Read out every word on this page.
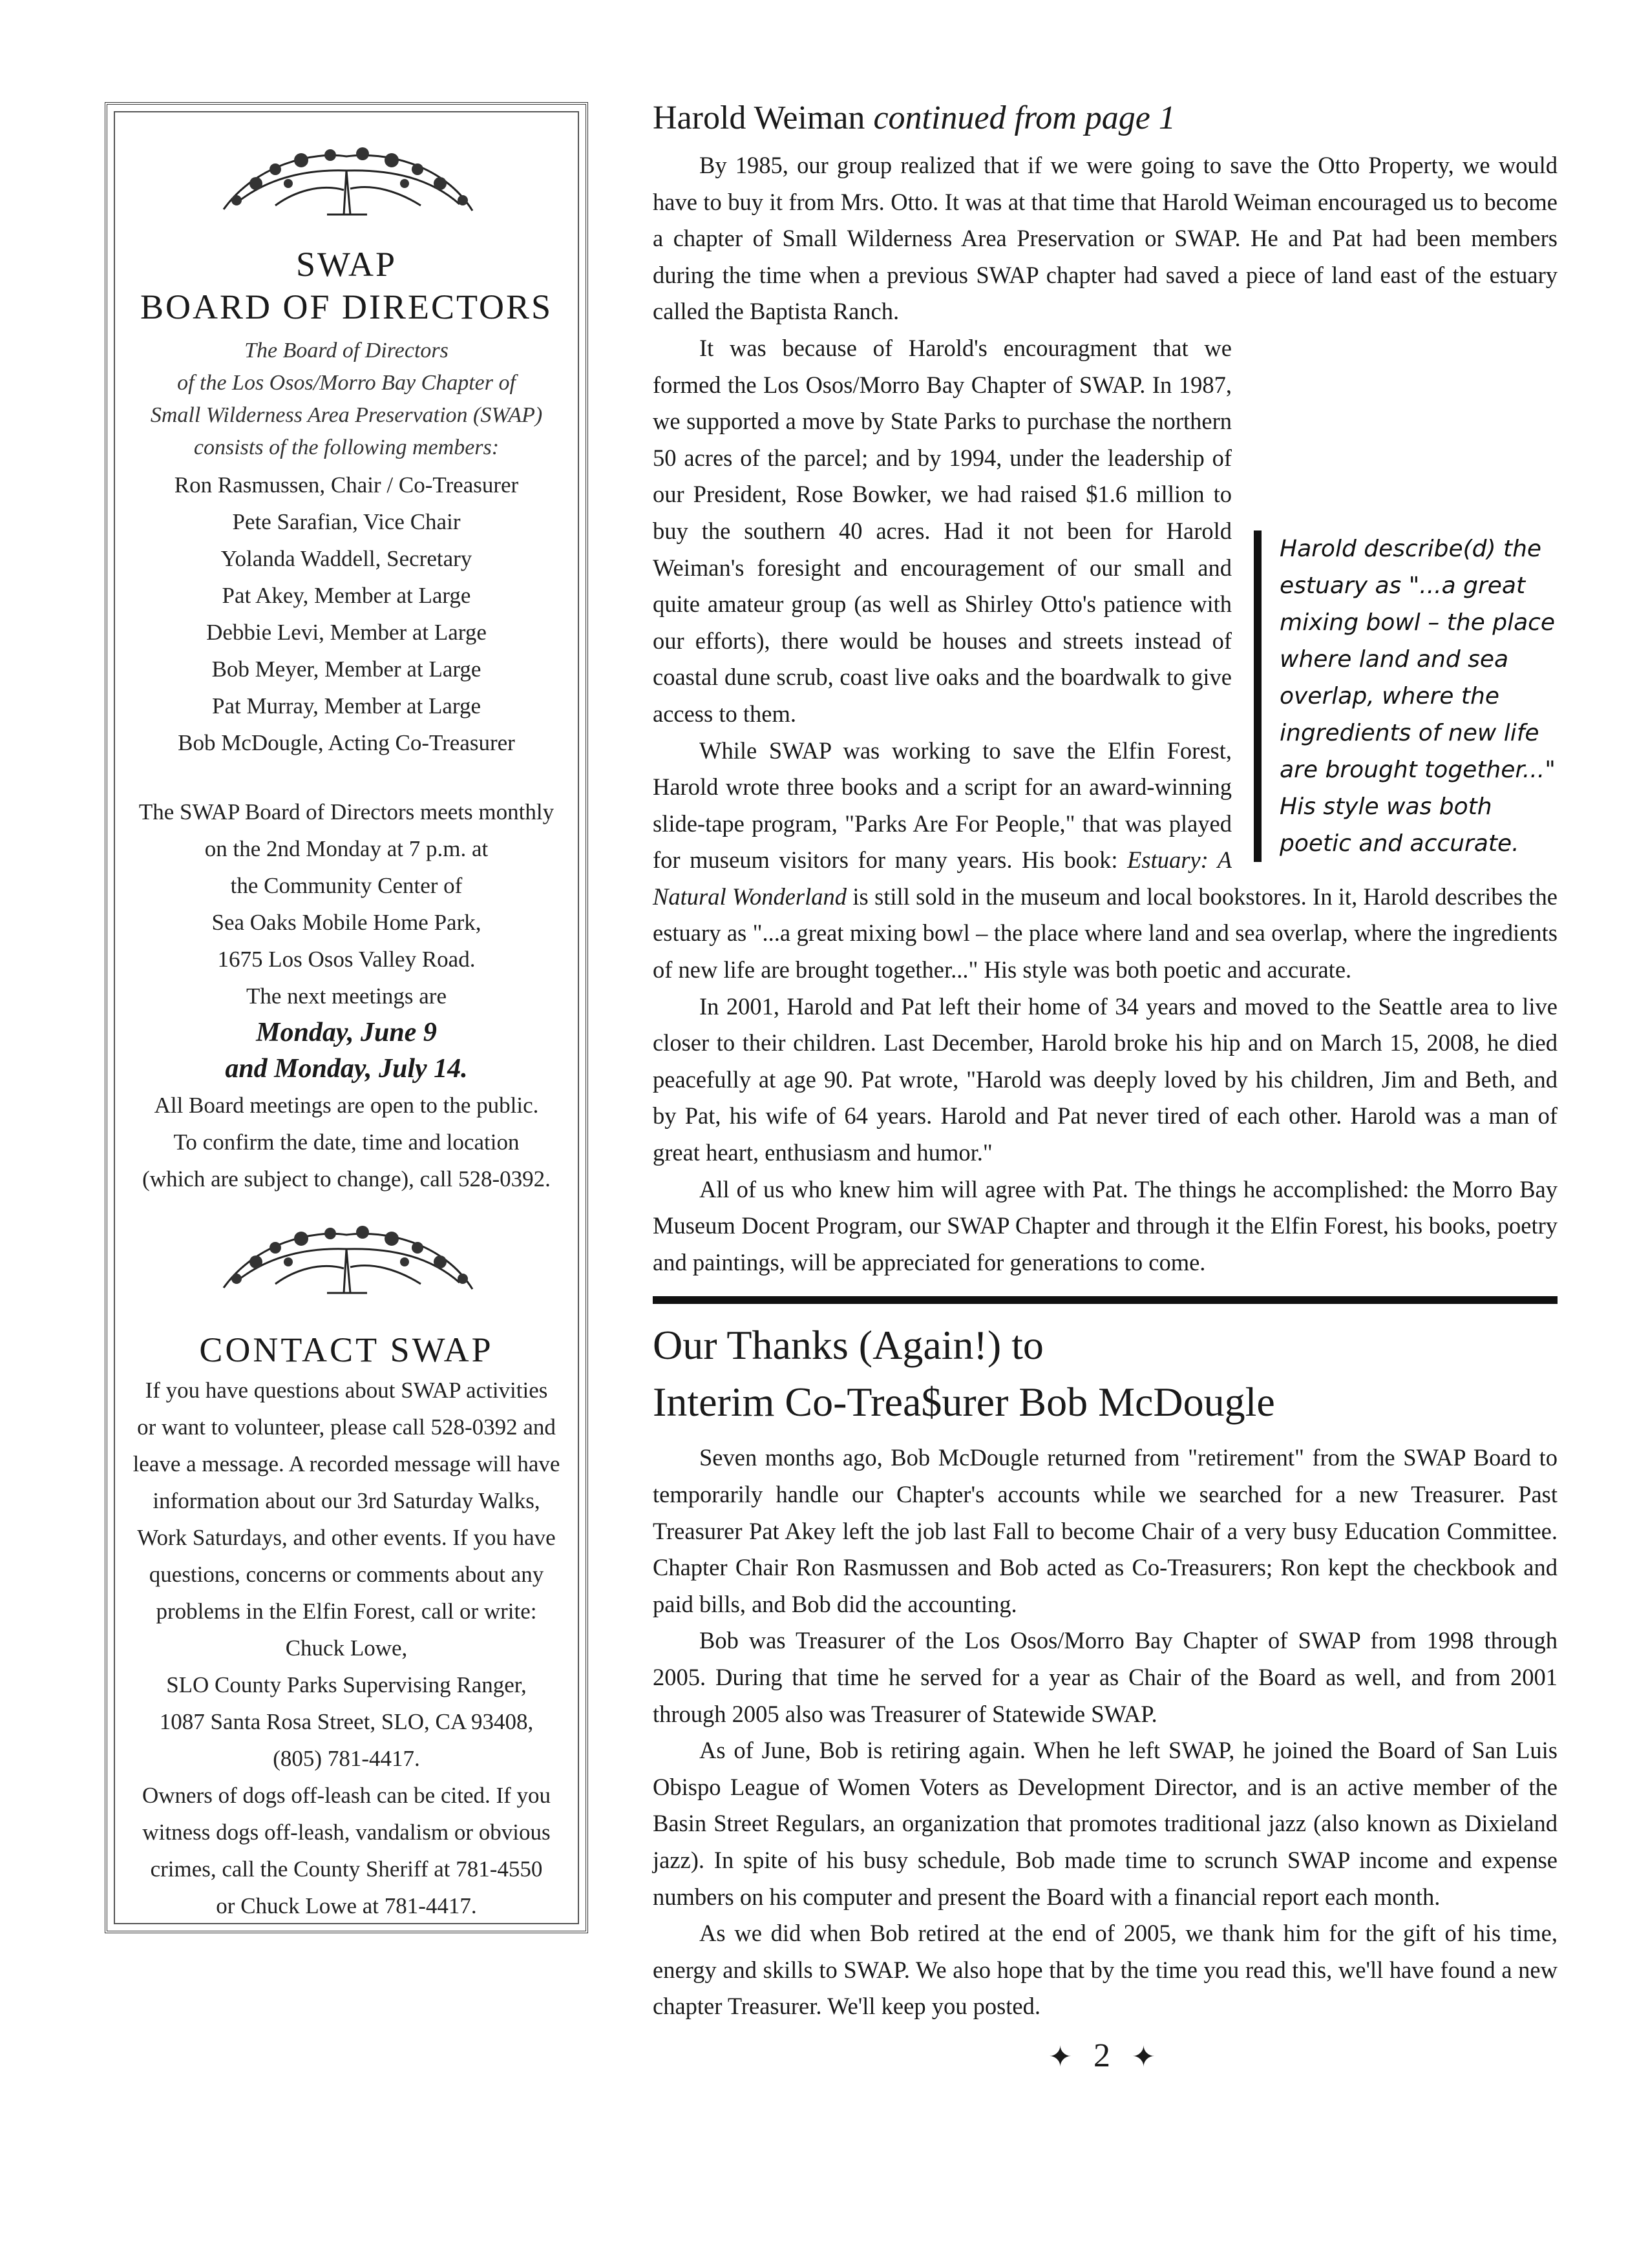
SWAP
BOARD OF DIRECTORS
The Board of Directors
of the Los Osos/Morro Bay Chapter of
Small Wilderness Area Preservation (SWAP)
consists of the following members:
Ron Rasmussen, Chair / Co-Treasurer
Pete Sarafian, Vice Chair
Yolanda Waddell, Secretary
Pat Akey, Member at Large
Debbie Levi, Member at Large
Bob Meyer, Member at Large
Pat Murray, Member at Large
Bob McDougle, Acting Co-Treasurer
The SWAP Board of Directors meets monthly
on the 2nd Monday at 7 p.m. at
the Community Center of
Sea Oaks Mobile Home Park,
1675 Los Osos Valley Road.
The next meetings are
Monday, June 9
and Monday, July 14.
All Board meetings are open to the public.
To confirm the date, time and location
(which are subject to change), call 528-0392.
CONTACT SWAP
If you have questions about SWAP activities
or want to volunteer, please call 528-0392 and
leave a message. A recorded message will have
information about our 3rd Saturday Walks,
Work Saturdays, and other events. If you have
questions, concerns or comments about any
problems in the Elfin Forest, call or write:
Chuck Lowe,
SLO County Parks Supervising Ranger,
1087 Santa Rosa Street, SLO, CA 93408,
(805) 781-4417.
Owners of dogs off-leash can be cited. If you
witness dogs off-leash, vandalism or obvious
crimes, call the County Sheriff at 781-4550
or Chuck Lowe at 781-4417.
Harold Weiman continued from page 1

By 1985, our group realized that if we were going to save the Otto Property, we would have to buy it from Mrs. Otto. It was at that time that Harold Weiman encouraged us to become a chapter of Small Wilderness Area Preservation or SWAP. He and Pat had been members during the time when a previous SWAP chapter had saved a piece of land east of the estuary called the Baptista Ranch.

Harold describe(d) the estuary as "...a great mixing bowl – the place where land and sea overlap, where the ingredients of new life are brought together..." His style was both poetic and accurate.

It was because of Harold's encouragment that we formed the Los Osos/Morro Bay Chapter of SWAP. In 1987, we supported a move by State Parks to purchase the northern 50 acres of the parcel; and by 1994, under the leadership of our President, Rose Bowker, we had raised $1.6 million to buy the southern 40 acres. Had it not been for Harold Weiman's foresight and encouragement of our small and quite amateur group (as well as Shirley Otto's patience with our efforts), there would be houses and streets instead of coastal dune scrub, coast live oaks and the boardwalk to give access to them.

While SWAP was working to save the Elfin Forest, Harold wrote three books and a script for an award-winning slide-tape program, "Parks Are For People," that was played for museum visitors for many years. His book: Estuary: A Natural Wonderland is still sold in the museum and local bookstores. In it, Harold describes the estuary as "...a great mixing bowl – the place where land and sea overlap, where the ingredients of new life are brought together..." His style was both poetic and accurate.

In 2001, Harold and Pat left their home of 34 years and moved to the Seattle area to live closer to their children. Last December, Harold broke his hip and on March 15, 2008, he died peacefully at age 90. Pat wrote, "Harold was deeply loved by his children, Jim and Beth, and by Pat, his wife of 64 years. Harold and Pat never tired of each other. Harold was a man of great heart, enthusiasm and humor."

All of us who knew him will agree with Pat. The things he accomplished: the Morro Bay Museum Docent Program, our SWAP Chapter and through it the Elfin Forest, his books, poetry and paintings, will be appreciated for generations to come.

Our Thanks (Again!) to
Interim Co-Trea$urer Bob McDougle

Seven months ago, Bob McDougle returned from "retirement" from the SWAP Board to temporarily handle our Chapter's accounts while we searched for a new Treasurer. Past Treasurer Pat Akey left the job last Fall to become Chair of a very busy Education Committee. Chapter Chair Ron Rasmussen and Bob acted as Co-Treasurers; Ron kept the checkbook and paid bills, and Bob did the accounting.

Bob was Treasurer of the Los Osos/Morro Bay Chapter of SWAP from 1998 through 2005. During that time he served for a year as Chair of the Board as well, and from 2001 through 2005 also was Treasurer of Statewide SWAP.

As of June, Bob is retiring again. When he left SWAP, he joined the Board of San Luis Obispo League of Women Voters as Development Director, and is an active member of the Basin Street Regulars, an organization that promotes traditional jazz (also known as Dixieland jazz). In spite of his busy schedule, Bob made time to scrunch SWAP income and expense numbers on his computer and present the Board with a financial report each month.

As we did when Bob retired at the end of 2005, we thank him for the gift of his time, energy and skills to SWAP. We also hope that by the time you read this, we'll have found a new chapter Treasurer. We'll keep you posted.

✦ 2 ✦
